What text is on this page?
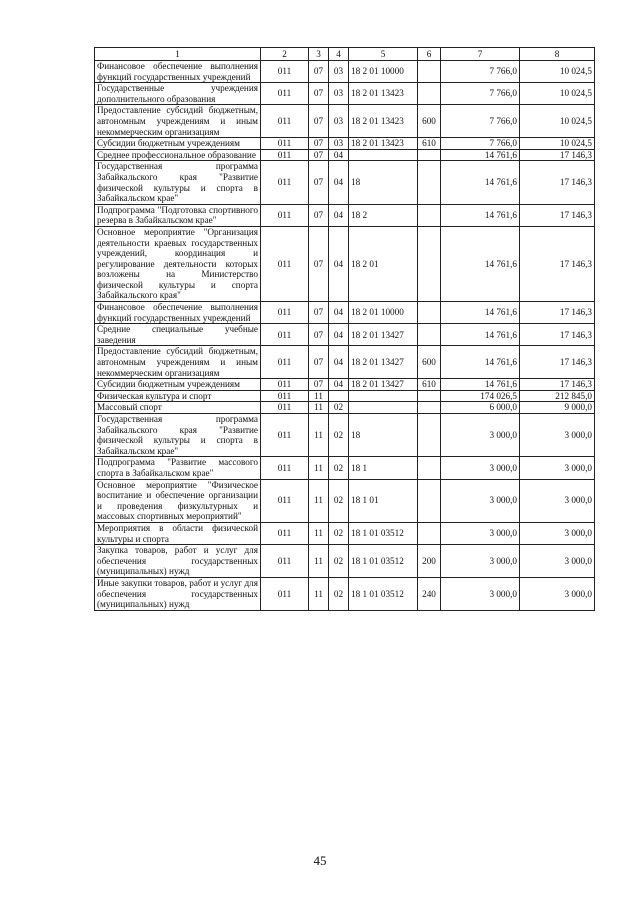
1	2	3	4	5	6	7	8
Финансовое обеспечение выполнения функций государственных учреждений	011	07	03	18 2 01 10000		7 766,0	10 024,5
Государственные учреждения дополнительного образования	011	07	03	18 2 01 13423		7 766,0	10 024,5
Предоставление субсидий бюджетным, автономным учреждениям и иным некоммерческим организациям	011	07	03	18 2 01 13423	600	7 766,0	10 024,5
Субсидии бюджетным учреждениям	011	07	03	18 2 01 13423	610	7 766,0	10 024,5
Среднее профессиональное образование	011	07	04			14 761,6	17 146,3
Государственная программа Забайкальского края "Развитие физической культуры и спорта в Забайкальском крае"	011	07	04	18		14 761,6	17 146,3
Подпрограмма "Подготовка спортивного резерва в Забайкальском крае"	011	07	04	18 2		14 761,6	17 146,3
Основное мероприятие "Организация деятельности краевых государственных учреждений, координация и регулирование деятельности которых возложены на Министерство физической культуры и спорта Забайкальского края"	011	07	04	18 2 01		14 761,6	17 146,3
Финансовое обеспечение выполнения функций государственных учреждений	011	07	04	18 2 01 10000		14 761,6	17 146,3
Средние специальные учебные заведения	011	07	04	18 2 01 13427		14 761,6	17 146,3
Предоставление субсидий бюджетным, автономным учреждениям и иным некоммерческим организациям	011	07	04	18 2 01 13427	600	14 761,6	17 146,3
Субсидии бюджетным учреждениям	011	07	04	18 2 01 13427	610	14 761,6	17 146,3
Физическая культура и спорт	011	11				174 026,5	212 845,0
Массовый спорт	011	11	02			6 000,0	9 000,0
Государственная программа Забайкальского края "Развитие физической культуры и спорта в Забайкальском крае"	011	11	02	18		3 000,0	3 000,0
Подпрограмма "Развитие массового спорта в Забайкальском крае"	011	11	02	18 1		3 000,0	3 000,0
Основное мероприятие "Физическое воспитание и обеспечение организации и проведения физкультурных и массовых спортивных мероприятий"	011	11	02	18 1 01		3 000,0	3 000,0
Мероприятия в области физической культуры и спорта	011	11	02	18 1 01 03512		3 000,0	3 000,0
Закупка товаров, работ и услуг для обеспечения государственных (муниципальных) нужд	011	11	02	18 1 01 03512	200	3 000,0	3 000,0
Иные закупки товаров, работ и услуг для обеспечения государственных (муниципальных) нужд	011	11	02	18 1 01 03512	240	3 000,0	3 000,0
45
